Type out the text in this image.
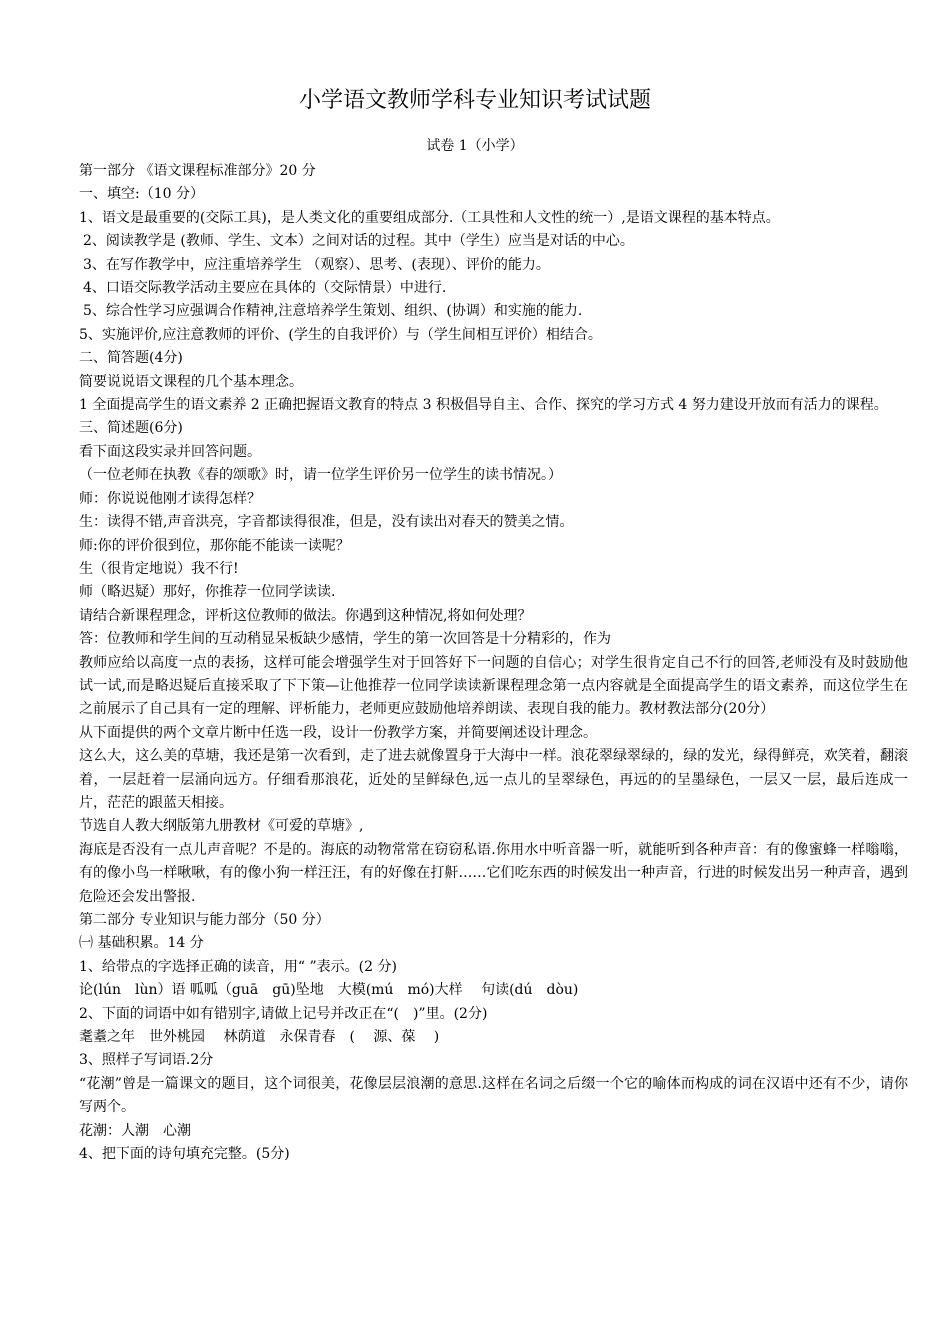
小学语文教师学科专业知识考试试题
试卷 1（小学）

第一部分 《语文课程标准部分》20 分

一、填空:（10 分）

1、语文是最重要的(交际工具)，是人类文化的重要组成部分.（工具性和人文性的统一）,是语文课程的基本特点。

2、阅读教学是 (教师、学生、文本）之间对话的过程。其中（学生）应当是对话的中心。

3、在写作教学中，应注重培养学生 （观察）、思考、(表现）、评价的能力。

4、口语交际教学活动主要应在具体的（交际情景）中进行.

5、综合性学习应强调合作精神,注意培养学生策划、组织、(协调）和实施的能力.

5、实施评价,应注意教师的评价、(学生的自我评价）与（学生间相互评价）相结合。

二、简答题(4分)

简要说说语文课程的几个基本理念。

1 全面提高学生的语文素养 2 正确把握语文教育的特点 3 积极倡导自主、合作、探究的学习方式 4 努力建设开放而有活力的课程。

三、简述题(6分)

看下面这段实录并回答问题。

（一位老师在执教《春的颂歌》时，请一位学生评价另一位学生的读书情况。）

师：你说说他刚才读得怎样？

生：读得不错,声音洪亮，字音都读得很准，但是，没有读出对春天的赞美之情。

师:你的评价很到位，那你能不能读一读呢？

生（很肯定地说）我不行!

师（略迟疑）那好，你推荐一位同学读读.

请结合新课程理念，评析这位教师的做法。你遇到这种情况,将如何处理？

答：位教师和学生间的互动稍显呆板缺少感情，学生的第一次回答是十分精彩的，作为

教师应给以高度一点的表扬，这样可能会增强学生对于回答好下一问题的自信心；对学生很肯定自己不行的回答,老师没有及时鼓励他试一试,而是略迟疑后直接采取了下下策—让他推荐一位同学读读新课程理念第一点内容就是全面提高学生的语文素养，而这位学生在之前展示了自己具有一定的理解、评析能力，老师更应鼓励他培养朗读、表现自我的能力。教材教法部分(20分）

从下面提供的两个文章片断中任选一段，设计一份教学方案，并简要阐述设计理念。

这么大，这么美的草塘，我还是第一次看到，走了进去就像置身于大海中一样。浪花翠绿翠绿的，绿的发光，绿得鲜亮，欢笑着，翻滚着，一层赶着一层涌向远方。仔细看那浪花，近处的呈鲜绿色,远一点儿的呈翠绿色，再远的的呈墨绿色，一层又一层，最后连成一片，茫茫的跟蓝天相接。

节选自人教大纲版第九册教材《可爱的草塘》,

海底是否没有一点儿声音呢？不是的。海底的动物常常在窃窃私语.你用水中听音器一听，就能听到各种声音：有的像蜜蜂一样嗡嗡，有的像小鸟一样啾啾，有的像小狗一样汪汪，有的好像在打鼾……它们吃东西的时候发出一种声音，行进的时候发出另一种声音，遇到危险还会发出警报.

第二部分 专业知识与能力部分（50 分）

㈠ 基础积累。14 分

1、给带点的字选择正确的读音，用“ ”表示。(2 分)

论(lún　lùn）语 呱呱（guā　gū)坠地　大模(mú　mó)大样　 句读(dú　dòu)

2、下面的词语中如有错别字,请做上记号并改正在“(　)”里。(2分)

耄耋之年　世外桃园　 林荫道　永保青春　(　 源、葆 　)

3、照样子写词语.2分

“花潮”曾是一篇课文的题目，这个词很美，花像层层浪潮的意思.这样在名词之后缀一个它的喻体而构成的词在汉语中还有不少，请你写两个。

花潮：人潮　心潮

4、把下面的诗句填充完整。(5分)
